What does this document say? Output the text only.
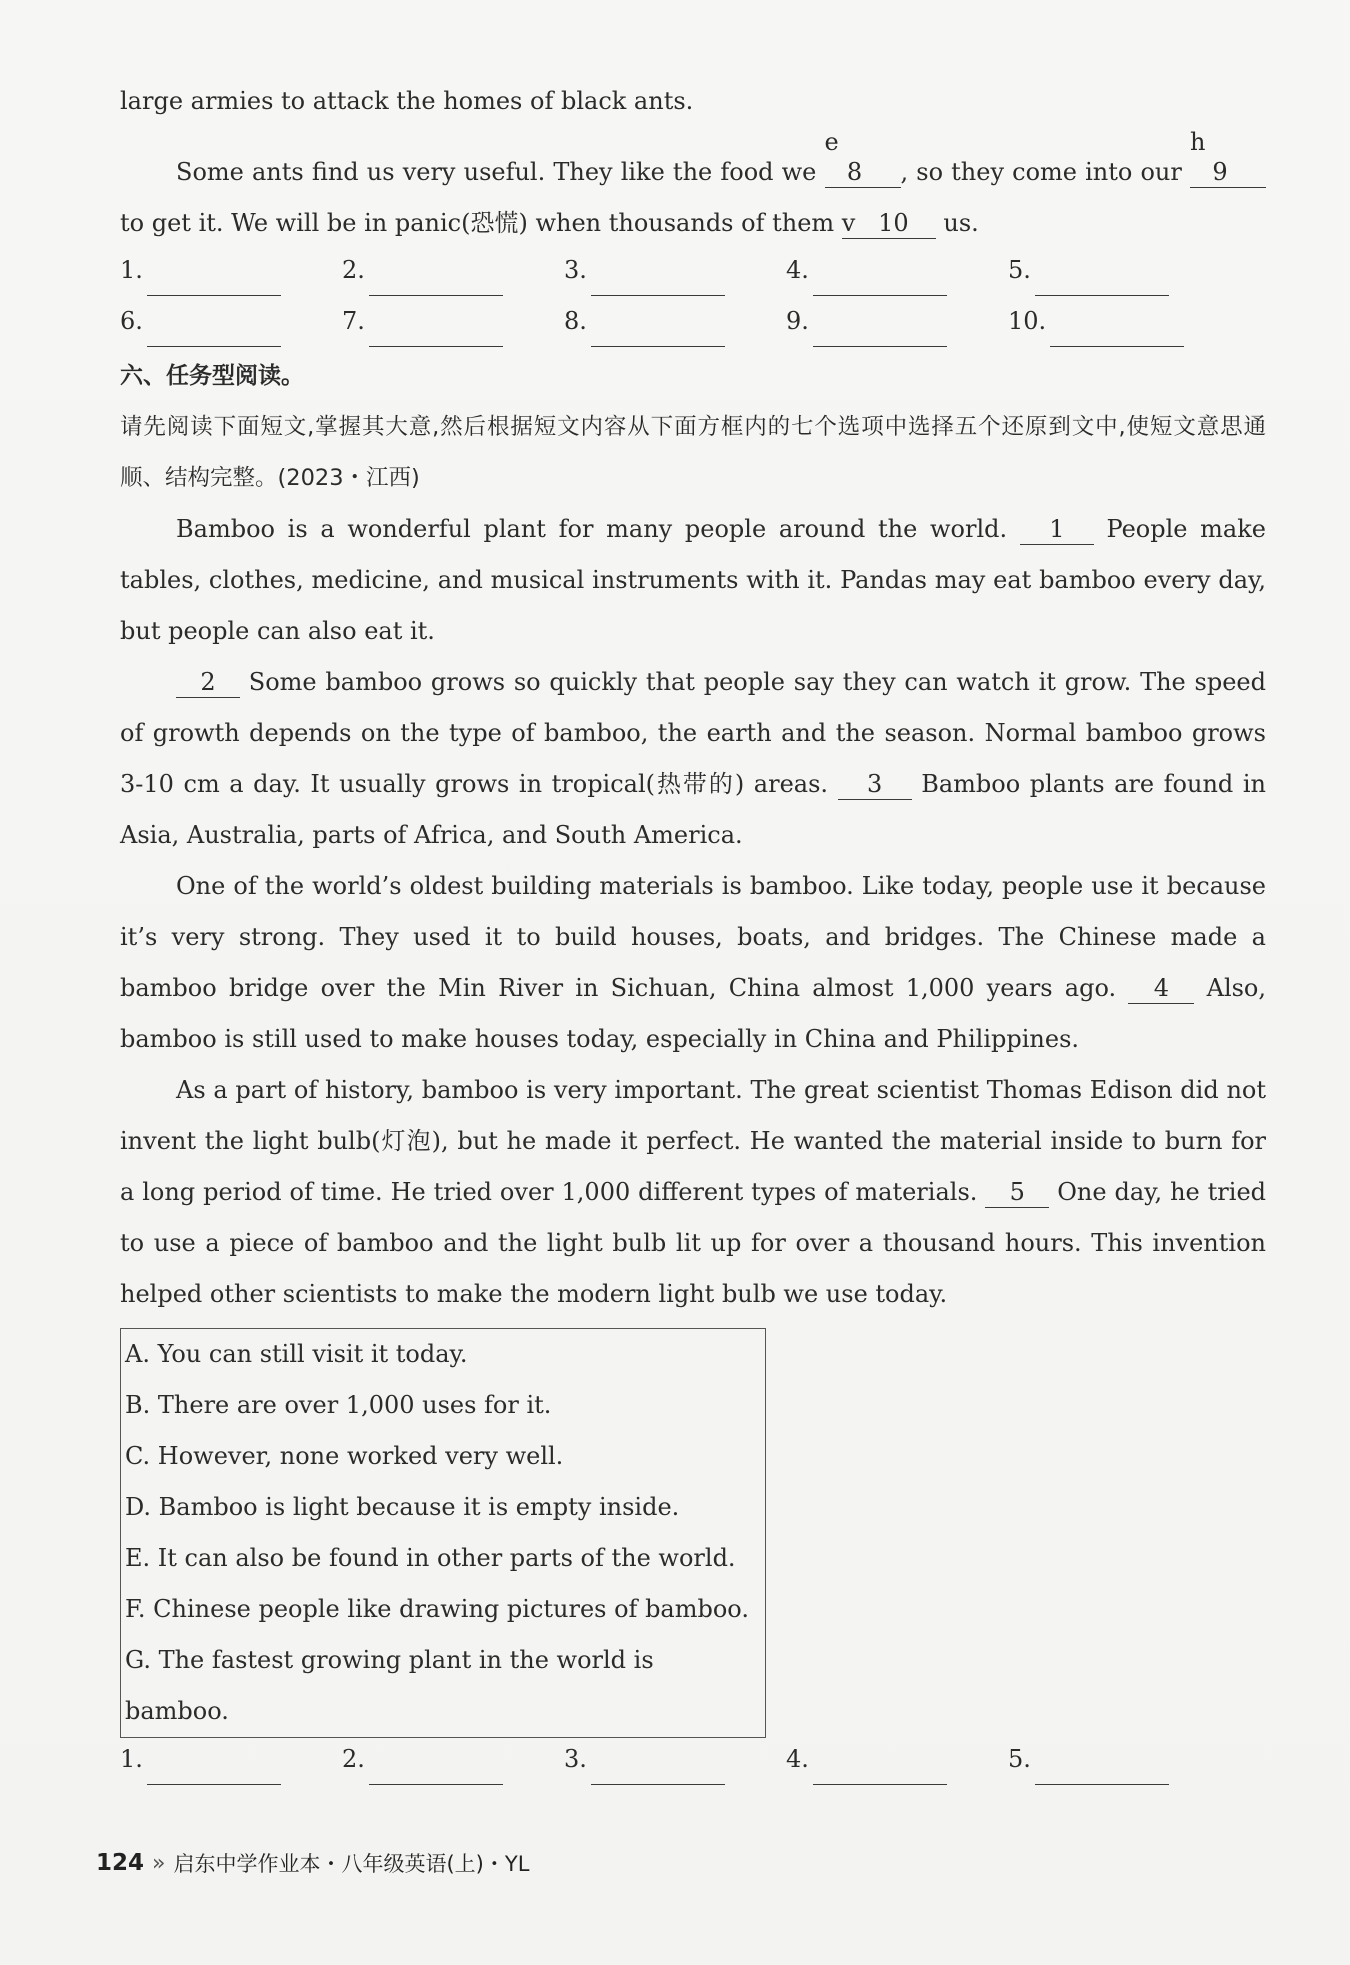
large armies to attack the homes of black ants.

Some ants find us very useful. They like the food we e8 , so they come into our h9 to get it. We will be in panic(恐慌) when thousands of them v 10 us.

1.	2.	3.	4.	5.
6.	7.	8.	9.	10.
六、任务型阅读。

请先阅读下面短文,掌握其大意,然后根据短文内容从下面方框内的七个选项中选择五个还原到文中,使短文意思通顺、结构完整。(2023・江西)

Bamboo is a wonderful plant for many people around the world. 1 People make tables, clothes, medicine, and musical instruments with it. Pandas may eat bamboo every day, but people can also eat it.

2 Some bamboo grows so quickly that people say they can watch it grow. The speed of growth depends on the type of bamboo, the earth and the season. Normal bamboo grows 3-10 cm a day. It usually grows in tropical(热带的) areas. 3 Bamboo plants are found in Asia, Australia, parts of Africa, and South America.

One of the world’s oldest building materials is bamboo. Like today, people use it because it’s very strong. They used it to build houses, boats, and bridges. The Chinese made a bamboo bridge over the Min River in Sichuan, China almost 1,000 years ago. 4 Also, bamboo is still used to make houses today, especially in China and Philippines.

As a part of history, bamboo is very important. The great scientist Thomas Edison did not invent the light bulb(灯泡), but he made it perfect. He wanted the material inside to burn for a long period of time. He tried over 1,000 different types of materials. 5 One day, he tried to use a piece of bamboo and the light bulb lit up for over a thousand hours. This invention helped other scientists to make the modern light bulb we use today.

A. You can still visit it today.
B. There are over 1,000 uses for it.
C. However, none worked very well.
D. Bamboo is light because it is empty inside.
E. It can also be found in other parts of the world.
F. Chinese people like drawing pictures of bamboo.
G. The fastest growing plant in the world is bamboo.
1.	2.	3.	4.	5.
124 » 启东中学作业本・八年级英语(上)・YL
